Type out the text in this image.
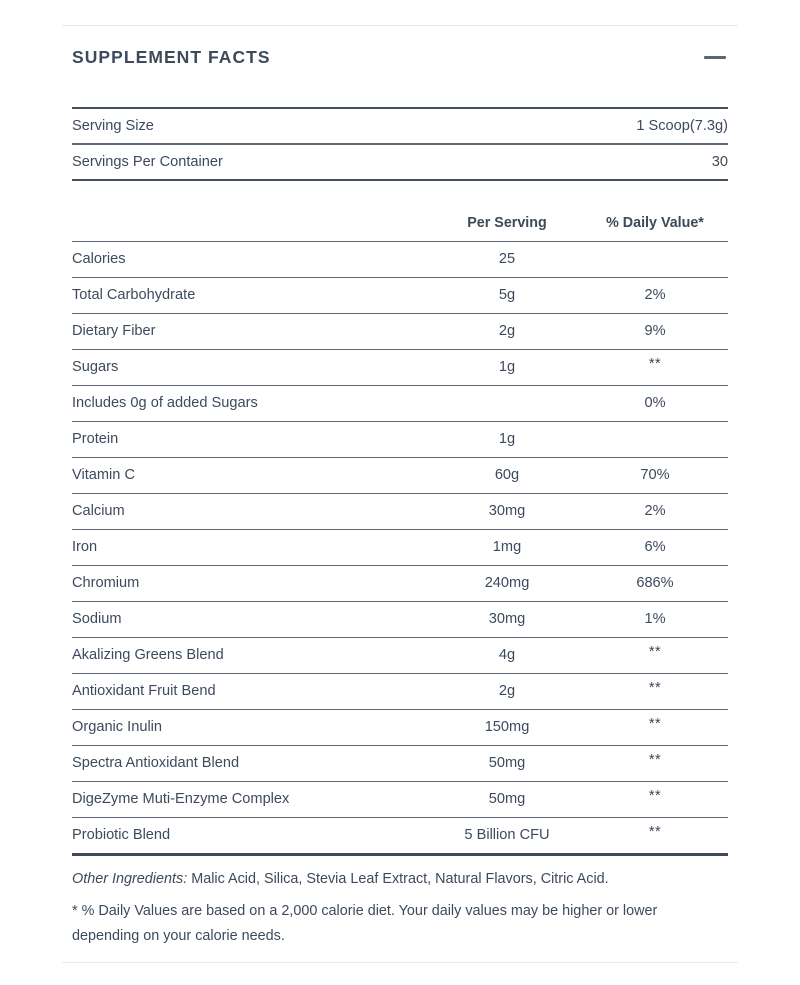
SUPPLEMENT FACTS
Serving Size	1 Scoop(7.3g)
Servings Per Container	30
	Per Serving	% Daily Value*
Calories	25	
Total Carbohydrate	5g	2%
Dietary Fiber	2g	9%
Sugars	1g	**
Includes 0g of added Sugars		0%
Protein	1g	
Vitamin C	60g	70%
Calcium	30mg	2%
Iron	1mg	6%
Chromium	240mg	686%
Sodium	30mg	1%
Akalizing Greens Blend	4g	**
Antioxidant Fruit Bend	2g	**
Organic Inulin	150mg	**
Spectra Antioxidant Blend	50mg	**
DigeZyme Muti-Enzyme Complex	50mg	**
Probiotic Blend	5 Billion CFU	**

Other Ingredients: Malic Acid, Silica, Stevia Leaf Extract, Natural Flavors, Citric Acid.

* % Daily Values are based on a 2,000 calorie diet. Your daily values may be higher or lower depending on your calorie needs.
